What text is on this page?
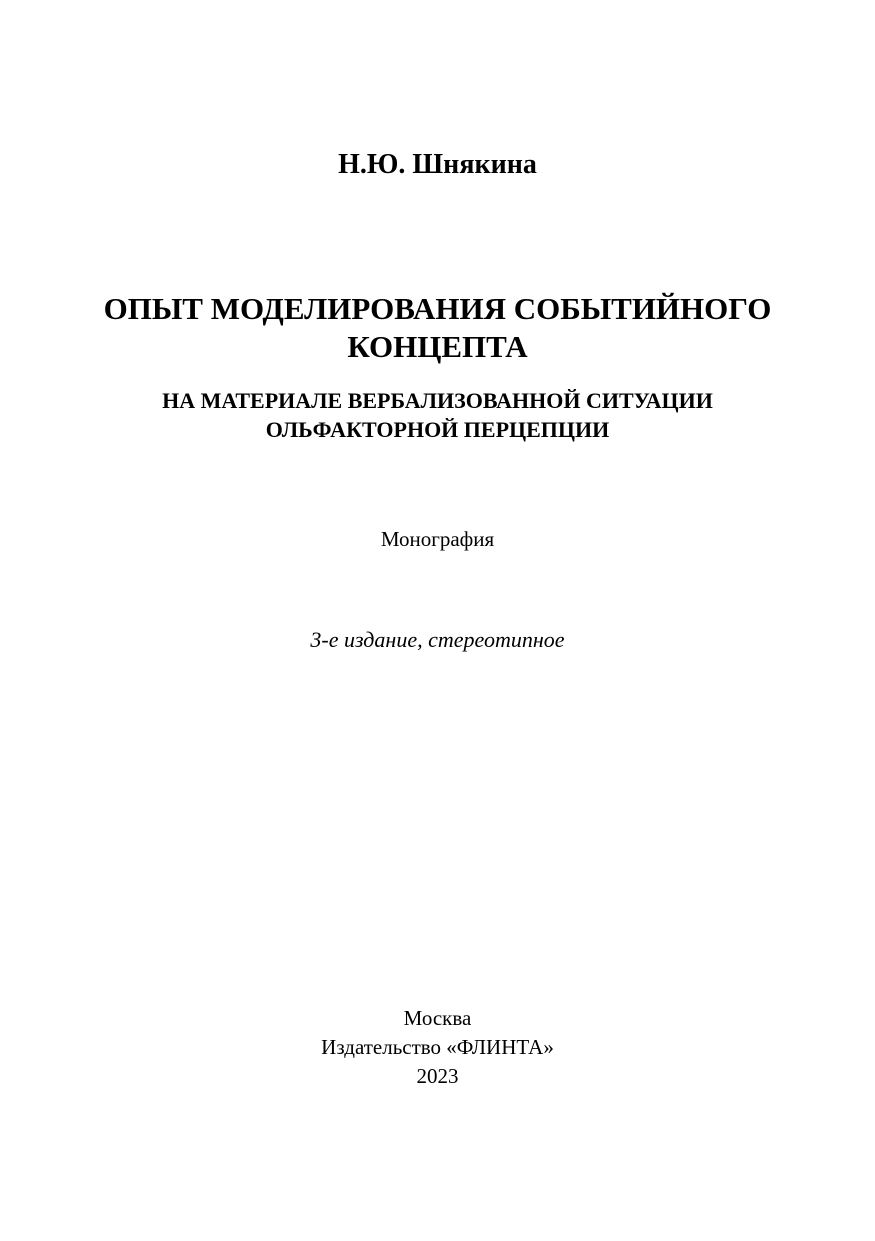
Н.Ю. Шнякина

ОПЫТ МОДЕЛИРОВАНИЯ СОБЫТИЙНОГО
КОНЦЕПТА
НА МАТЕРИАЛЕ ВЕРБАЛИЗОВАННОЙ СИТУАЦИИ
ОЛЬФАКТОРНОЙ ПЕРЦЕПЦИИ

Монография

3-е издание, стереотипное

Москва
Издательство «ФЛИНТА»
2023
